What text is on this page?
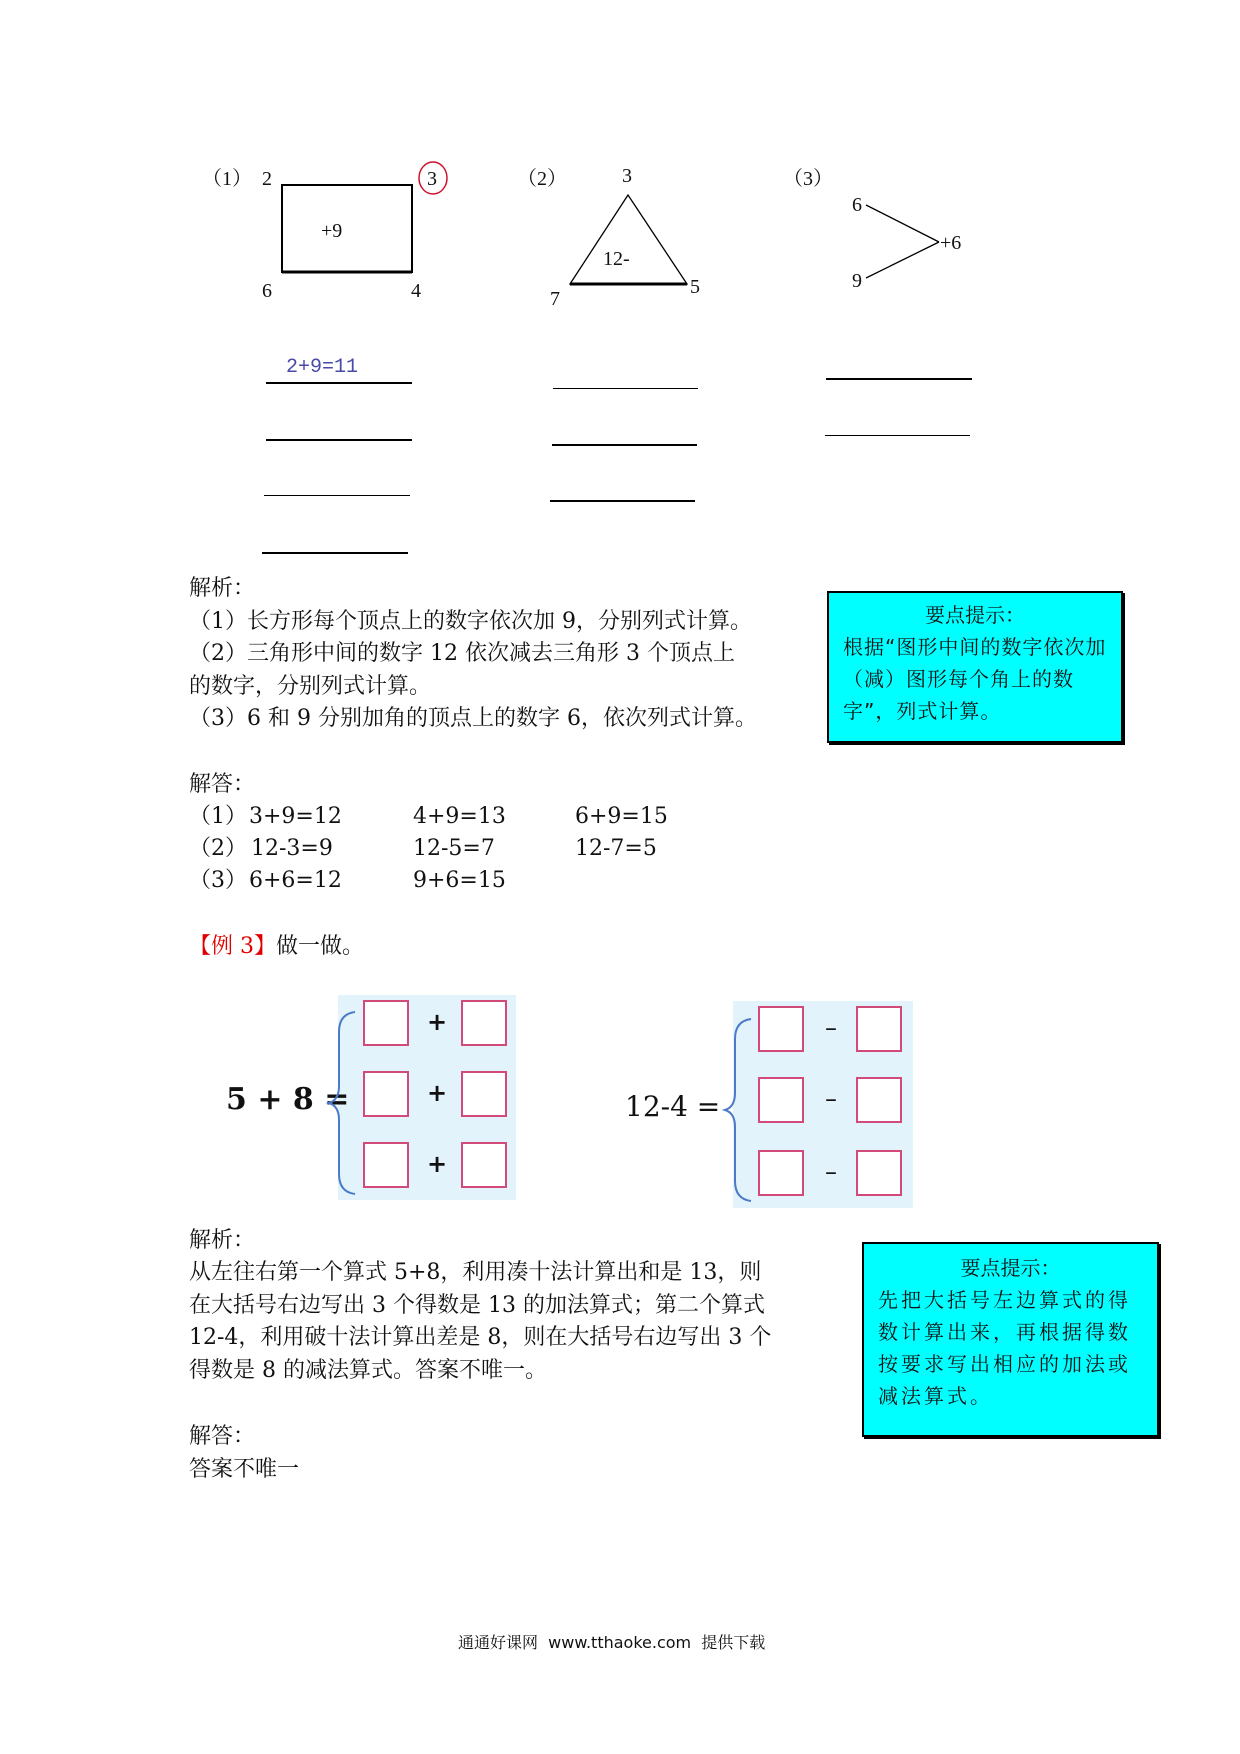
（1） 2	3
6	4
+9
（2）	3
7
5
12-
（3）
6
9
+6
2+9=11
解析：
（1）长方形每个顶点上的数字依次加 9，分别列式计算。
（2）三角形中间的数字 12 依次减去三角形 3 个顶点上
的数字，分别列式计算。
（3）6 和 9 分别加角的顶点上的数字 6，依次列式计算。
要点提示：
根据“图形中间的数字依次加（减）图形每个角上的数字”，列式计算。
解答：
（1） 3+9=12	4+9=13	6+9=15
（2） 12-3=9	12-5=7	12-7=5
（3） 6+6=12	9+6=15
【例 3】做一做。
5 + 8 =
+
+
+
12-4 =
–
–
–
解析：
从左往右第一个算式 5+8，利用凑十法计算出和是 13，则
在大括号右边写出 3 个得数是 13 的加法算式；第二个算式
12-4，利用破十法计算出差是 8，则在大括号右边写出 3 个
得数是 8 的减法算式。答案不唯一。
要点提示：
先把大括号左边算式的得数计算出来，再根据得数按要求写出相应的加法或减法算式。
解答：
答案不唯一
通通好课网  www.tthaoke.com  提供下载
